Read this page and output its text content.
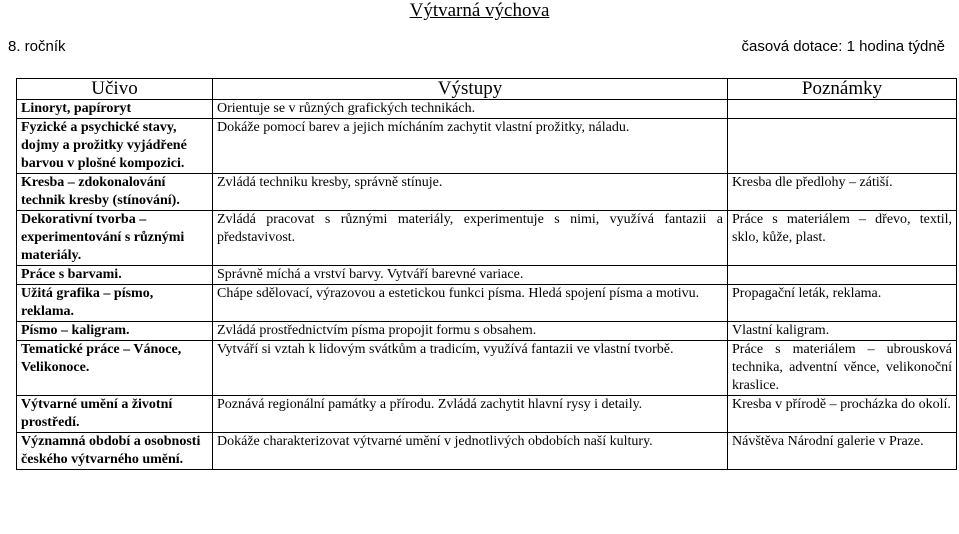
Výtvarná výchova
8. ročník	časová dotace: 1 hodina týdně
Učivo	Výstupy	Poznámky
Linoryt, papíroryt	Orientuje se v různých grafických technikách.	
Fyzické a psychické stavy, dojmy a prožitky vyjádřené barvou v plošné kompozici.	Dokáže pomocí barev a jejich mícháním zachytit vlastní prožitky, náladu.	
Kresba – zdokonalování technik kresby (stínování).	Zvládá techniku kresby, správně stínuje.	Kresba dle předlohy – zátiší.
Dekorativní tvorba – experimentování s různými materiály.	Zvládá pracovat s různými materiály, experimentuje s nimi, využívá fantazii a představivost.	Práce s materiálem – dřevo, textil, sklo, kůže, plast.
Práce s barvami.	Správně míchá a vrství barvy. Vytváří barevné variace.	
Užitá grafika – písmo, reklama.	Chápe sdělovací, výrazovou a estetickou funkci písma. Hledá spojení písma a motivu.	Propagační leták, reklama.
Písmo – kaligram.	Zvládá prostřednictvím písma propojit formu s obsahem.	Vlastní kaligram.
Tematické práce – Vánoce, Velikonoce.	Vytváří si vztah k lidovým svátkům a tradicím, využívá fantazii ve vlastní tvorbě.	Práce s materiálem – ubrousková technika, adventní věnce, velikonoční kraslice.
Výtvarné umění a životní prostředí.	Poznává regionální památky a přírodu. Zvládá zachytit hlavní rysy i detaily.	Kresba v přírodě – procházka do okolí.
Významná období a osobnosti českého výtvarného umění.	Dokáže charakterizovat výtvarné umění v jednotlivých obdobích naší kultury.	Návštěva Národní galerie v Praze.
